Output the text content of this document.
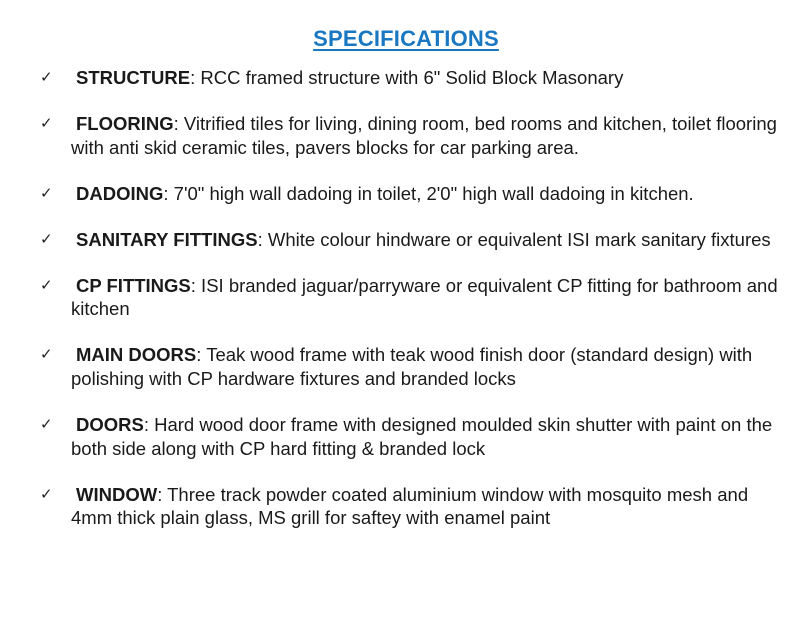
SPECIFICATIONS
✓ STRUCTURE: RCC framed structure with 6" Solid Block Masonary
✓ FLOORING: Vitrified tiles for living, dining room, bed rooms and kitchen, toilet flooring with anti skid ceramic tiles, pavers blocks for car parking area.
✓ DADOING: 7'0" high wall dadoing in toilet, 2'0" high wall dadoing in kitchen.
✓ SANITARY FITTINGS: White colour hindware or equivalent ISI mark sanitary fixtures
✓ CP FITTINGS: ISI branded jaguar/parryware or equivalent CP fitting for bathroom and kitchen
✓ MAIN DOORS: Teak wood frame with teak wood finish door (standard design) with polishing with CP hardware fixtures and branded locks
✓ DOORS: Hard wood door frame with designed moulded skin shutter with paint on the both side along with CP hard fitting & branded lock
✓ WINDOW: Three track powder coated aluminium window with mosquito mesh and 4mm thick plain glass, MS grill for saftey with enamel paint
